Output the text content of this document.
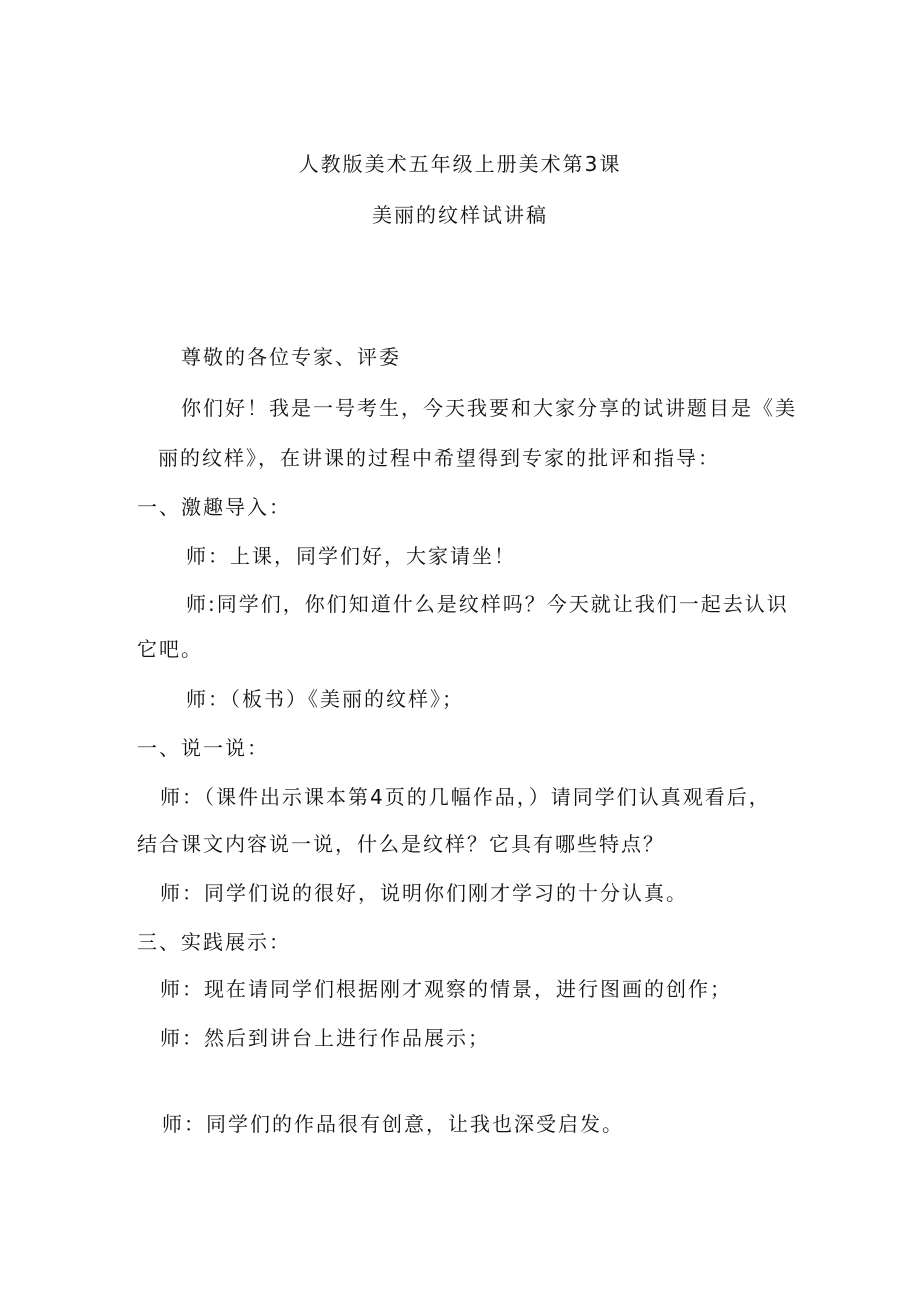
人教版美术五年级上册美术第3课
美丽的纹样试讲稿
尊敬的各位专家、评委
你们好！我是一号考生，今天我要和大家分享的试讲题目是《美
丽的纹样》，在讲课的过程中希望得到专家的批评和指导：
一、激趣导入：
师：上课，同学们好，大家请坐！
师:同学们，你们知道什么是纹样吗？今天就让我们一起去认识
它吧。
师：（板书）《美丽的纹样》；
一、说一说：
师：（课件出示课本第4页的几幅作品，）请同学们认真观看后，
结合课文内容说一说，什么是纹样？它具有哪些特点？
师：同学们说的很好，说明你们刚才学习的十分认真。
三、实践展示：
师：现在请同学们根据刚才观察的情景，进行图画的创作；
师：然后到讲台上进行作品展示；
师：同学们的作品很有创意，让我也深受启发。
